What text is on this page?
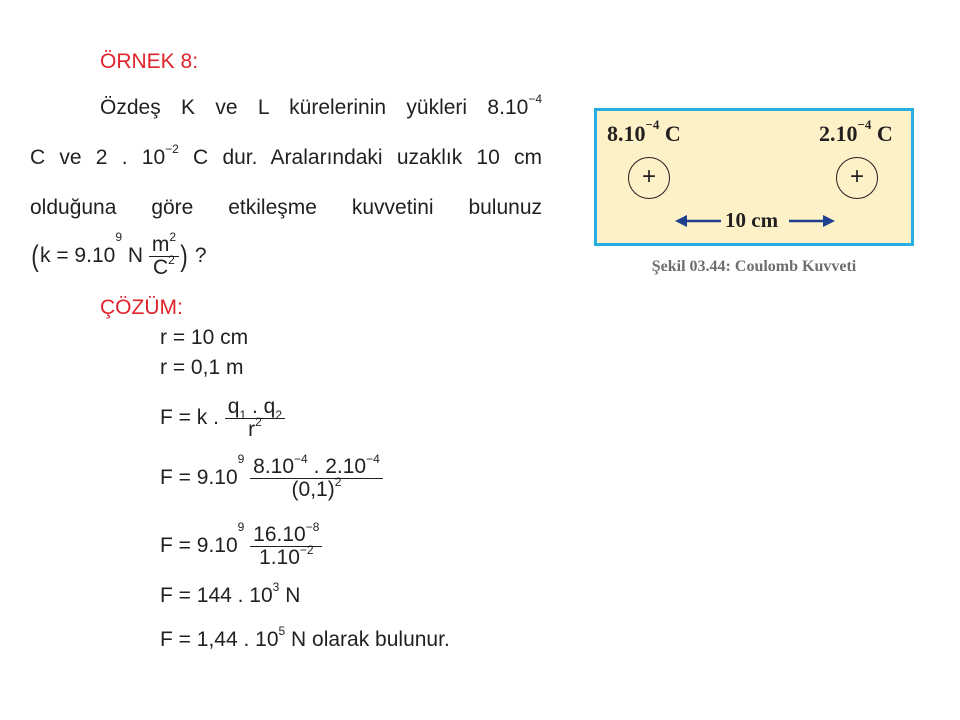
ÖRNEK 8:
Özdeş K ve L kürelerinin yükleri $8.10^{-4}$
C ve 2 . $10^{-2}$ C dur. Aralarındaki uzaklık 10 cm
olduğuna göre etkileşme kuvvetini bulunuz
($k = 9.10^9$ N $\frac{m^2}{C^2}$ ) ?
ÇÖZÜM:
r = 10 cm
r = 0,1 m
F = k . $\frac{q_1 . q_2}{r^2}$
$F = 9.10^9 \frac{8.10^{-4} . 2.10^{-4}}{(0,1)^2}$
$F = 9.10^9 \frac{16.10^{-8}}{1.10^{-2}}$
F = 144 . $10^3$ N
F = 1,44 . $10^5$ N olarak bulunur.
$8.10^{-4}$ C	$2.10^{-4}$ C
+	+
10 cm
Şekil 03.44: Coulomb Kuvveti
